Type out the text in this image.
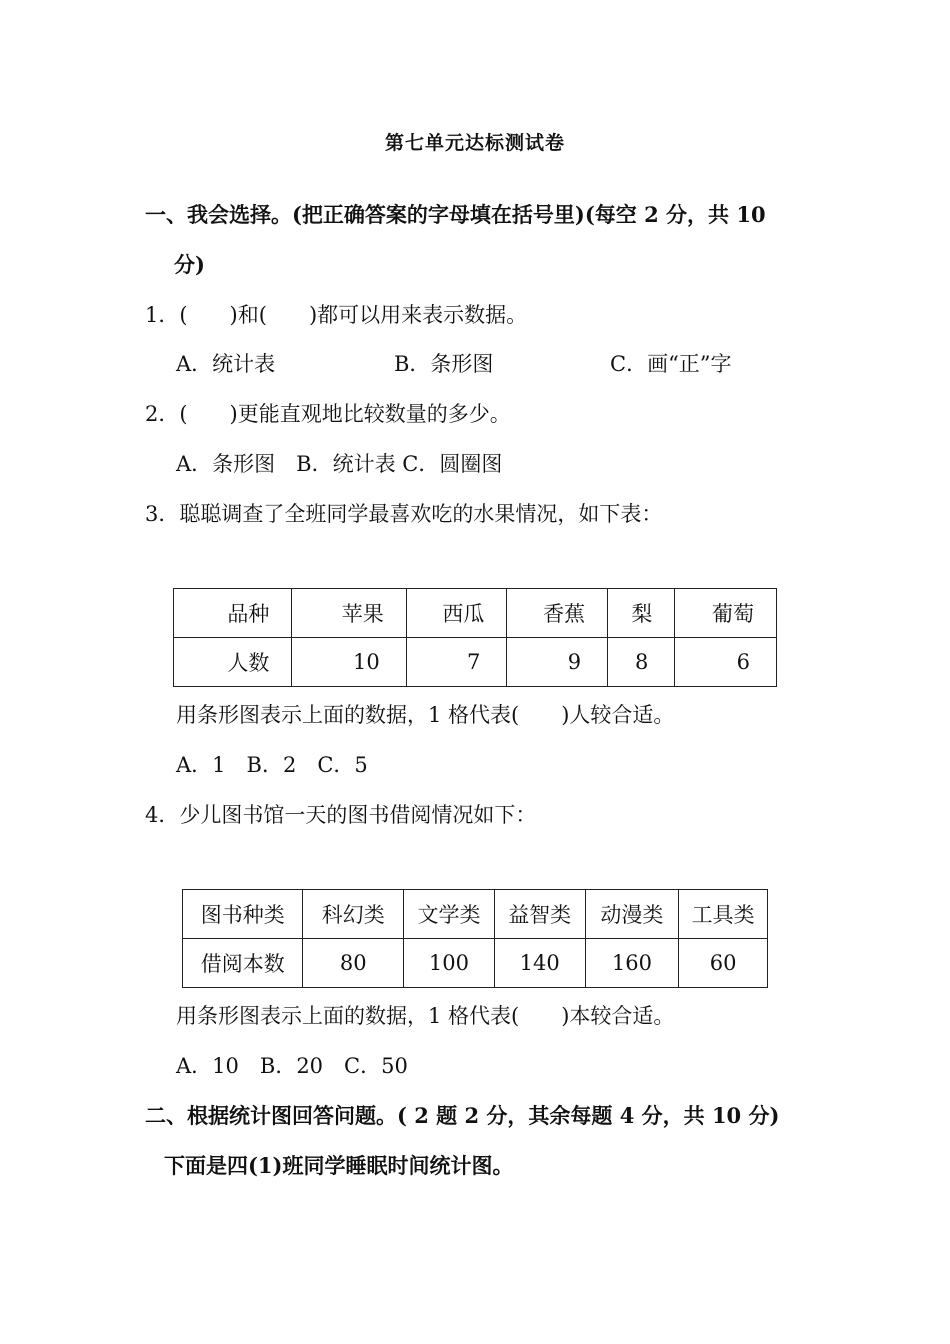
第七单元达标测试卷
一、我会选择。(把正确答案的字母填在括号里)(每空 2 分，共 10
分)
1．(　　)和(　　)都可以用来表示数据。

A．统计表

	B．条形图

	C．画“正”字

2．(　　)更能直观地比较数量的多少。
A．条形图　B．统计表 C．圆圈图
3．聪聪调查了全班同学最喜欢吃的水果情况，如下表：
品种	苹果	西瓜	香蕉	梨	葡萄
人数	10	7	9	8	6
用条形图表示上面的数据，1 格代表(　　)人较合适。
A．1　B．2　C．5
4．少儿图书馆一天的图书借阅情况如下：
图书种类	科幻类	文学类	益智类	动漫类	工具类
借阅本数	80	100	140	160	60
用条形图表示上面的数据，1 格代表(　　)本较合适。
A．10　B．20　C．50
二、根据统计图回答问题。( 2 题 2 分，其余每题 4 分，共 10 分)
下面是四(1)班同学睡眠时间统计图。
